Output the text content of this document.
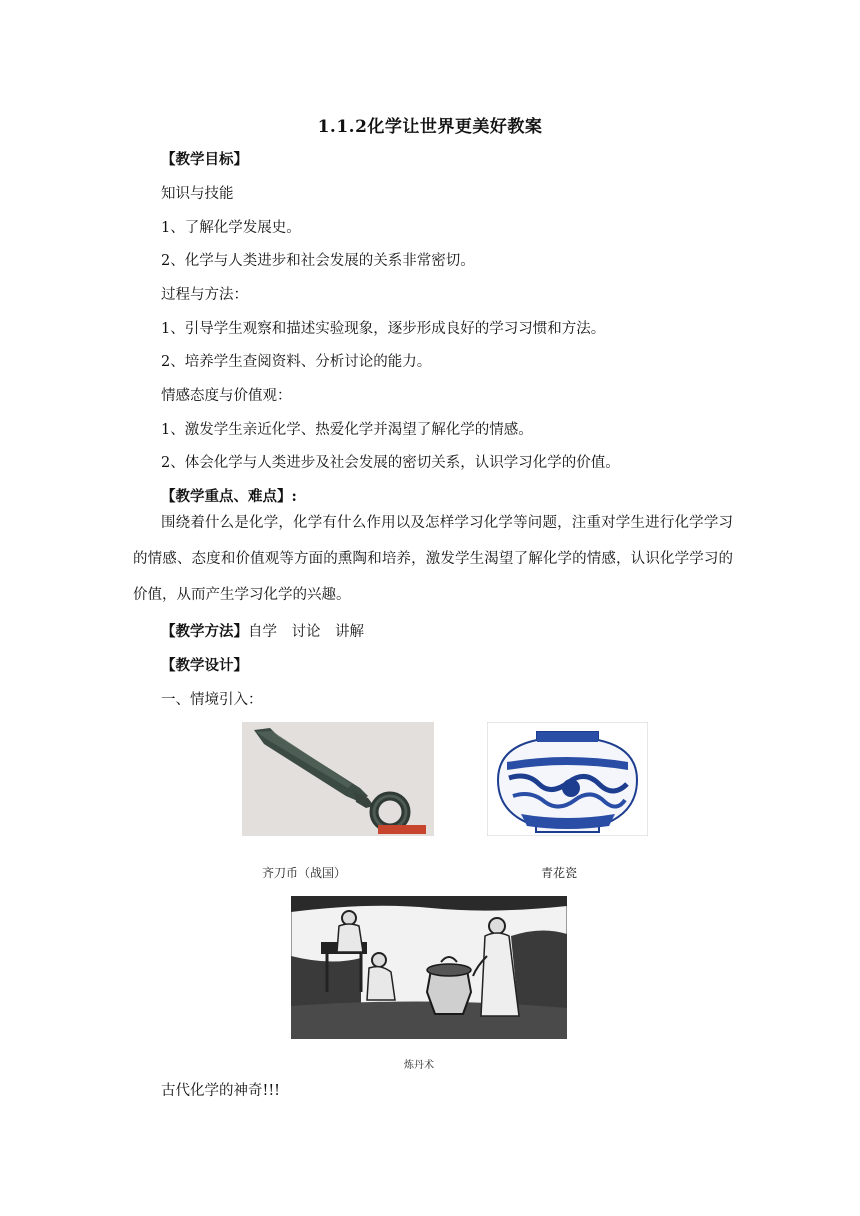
1.1.2化学让世界更美好教案
【教学目标】
知识与技能
1、了解化学发展史。
2、化学与人类进步和社会发展的关系非常密切。
过程与方法：
1、引导学生观察和描述实验现象，逐步形成良好的学习习惯和方法。
2、培养学生查阅资料、分析讨论的能力。
情感态度与价值观：
1、激发学生亲近化学、热爱化学并渴望了解化学的情感。
2、体会化学与人类进步及社会发展的密切关系，认识学习化学的价值。
【教学重点、难点】:
围绕着什么是化学，化学有什么作用以及怎样学习化学等问题，注重对学生进行化学学习的情感、态度和价值观等方面的熏陶和培养，激发学生渴望了解化学的情感，认识化学学习的价值，从而产生学习化学的兴趣。
【教学方法】自学　讨论　讲解
【教学设计】
一、情境引入：
齐刀币（战国）	青花瓷
炼丹术
古代化学的神奇!!!
